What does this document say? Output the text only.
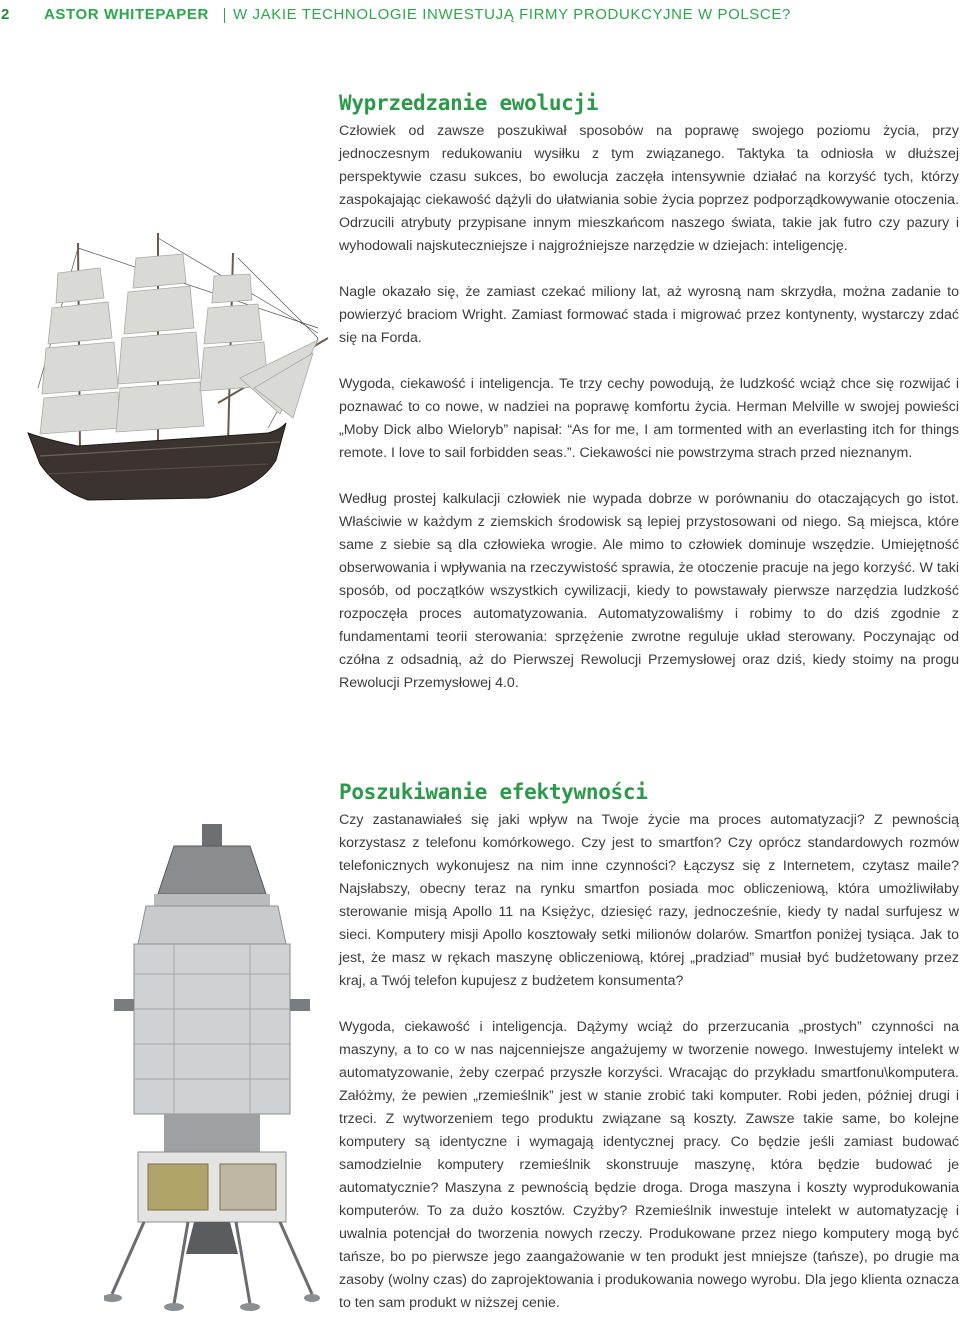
2 ASTOR WHITEPAPER W JAKIE TECHNOLOGIE INWESTUJĄ FIRMY PRODUKCYJNE W POLSCE?
Wyprzedzanie ewolucji

Człowiek od zawsze poszukiwał sposobów na poprawę swojego poziomu życia, przy jednoczesnym redukowaniu wysiłku z tym związanego. Taktyka ta odniosła w dłuższej perspektywie czasu sukces, bo ewolucja zaczęła intensywnie działać na korzyść tych, którzy zaspokajając ciekawość dążyli do ułatwiania sobie życia poprzez podporządkowywanie otoczenia. Odrzucili atrybuty przypisane innym mieszkańcom naszego świata, takie jak futro czy pazury i wyhodowali najskuteczniejsze i najgroźniejsze narzędzie w dziejach: inteligencję.

Nagle okazało się, że zamiast czekać miliony lat, aż wyrosną nam skrzydła, można zadanie to powierzyć braciom Wright. Zamiast formować stada i migrować przez kontynenty, wystarczy zdać się na Forda.

Wygoda, ciekawość i inteligencja. Te trzy cechy powodują, że ludzkość wciąż chce się rozwijać i poznawać to co nowe, w nadziei na poprawę komfortu życia. Herman Melville w swojej powieści „Moby Dick albo Wieloryb” napisał: “As for me, I am tormented with an everlasting itch for things remote. I love to sail forbidden seas.”. Ciekawości nie powstrzyma strach przed nieznanym.

Według prostej kalkulacji człowiek nie wypada dobrze w porównaniu do otaczających go istot. Właściwie w każdym z ziemskich środowisk są lepiej przystosowani od niego. Są miejsca, które same z siebie są dla człowieka wrogie. Ale mimo to człowiek dominuje wszędzie. Umiejętność obserwowania i wpływania na rzeczywistość sprawia, że otoczenie pracuje na jego korzyść. W taki sposób, od początków wszystkich cywilizacji, kiedy to powstawały pierwsze narzędzia ludzkość rozpoczęła proces automatyzowania. Automatyzowaliśmy i robimy to do dziś zgodnie z fundamentami teorii sterowania: sprzężenie zwrotne reguluje układ sterowany. Poczynając od czółna z odsadnią, aż do Pierwszej Rewolucji Przemysłowej oraz dziś, kiedy stoimy na progu Rewolucji Przemysłowej 4.0.

Poszukiwanie efektywności

Czy zastanawiałeś się jaki wpływ na Twoje życie ma proces automatyzacji? Z pewnością korzystasz z telefonu komórkowego. Czy jest to smartfon? Czy oprócz standardowych rozmów telefonicznych wykonujesz na nim inne czynności? Łączysz się z Internetem, czytasz maile? Najsłabszy, obecny teraz na rynku smartfon posiada moc obliczeniową, która umożliwiłaby sterowanie misją Apollo 11 na Księżyc, dziesięć razy, jednocześnie, kiedy ty nadal surfujesz w sieci. Komputery misji Apollo kosztowały setki milionów dolarów. Smartfon poniżej tysiąca. Jak to jest, że masz w rękach maszynę obliczeniową, której „pradziad” musiał być budżetowany przez kraj, a Twój telefon kupujesz z budżetem konsumenta?

Wygoda, ciekawość i inteligencja. Dążymy wciąż do przerzucania „prostych” czynności na maszyny, a to co w nas najcenniejsze angażujemy w tworzenie nowego. Inwestujemy intelekt w automatyzowanie, żeby czerpać przyszłe korzyści. Wracając do przykładu smartfonu\komputera. Załóżmy, że pewien „rzemieślnik” jest w stanie zrobić taki komputer. Robi jeden, później drugi i trzeci. Z wytworzeniem tego produktu związane są koszty. Zawsze takie same, bo kolejne komputery są identyczne i wymagają identycznej pracy. Co będzie jeśli zamiast budować samodzielnie komputery rzemieślnik skonstruuje maszynę, która będzie budować je automatycznie? Maszyna z pewnością będzie droga. Droga maszyna i koszty wyprodukowania komputerów. To za dużo kosztów. Czyżby? Rzemieślnik inwestuje intelekt w automatyzację i uwalnia potencjał do tworzenia nowych rzeczy. Produkowane przez niego komputery mogą być tańsze, bo po pierwsze jego zaangażowanie w ten produkt jest mniejsze (tańsze), po drugie ma zasoby (wolny czas) do zaprojektowania i produkowania nowego wyrobu. Dla jego klienta oznacza to ten sam produkt w niższej cenie.
